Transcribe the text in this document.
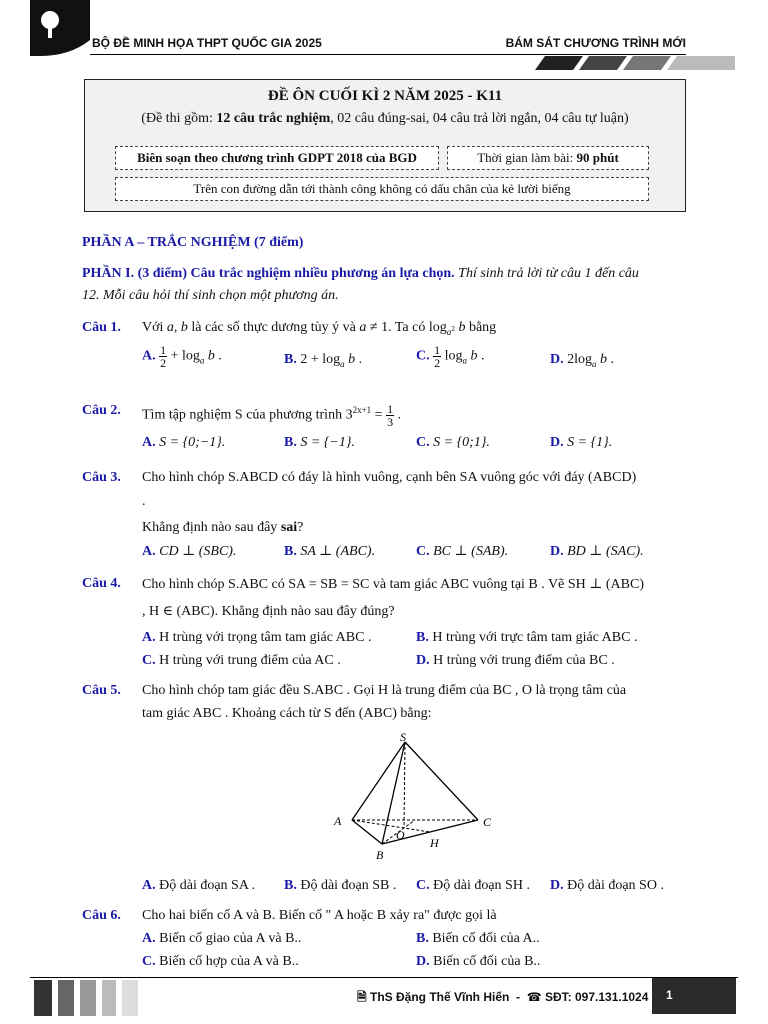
BỘ ĐỀ MINH HỌA THPT QUỐC GIA 2025	BÁM SÁT CHƯƠNG TRÌNH MỚI
ĐỀ ÔN CUỐI KÌ 2 NĂM 2025 - K11
(Đề thi gồm: 12 câu trắc nghiệm, 02 câu đúng-sai, 04 câu trả lời ngắn, 04 câu tự luận)
Biên soạn theo chương trình GDPT 2018 của BGD	Thời gian làm bài: 90 phút
Trên con đường dẫn tới thành công không có dấu chân của kẻ lười biếng
PHẦN A – TRẮC NGHIỆM (7 điểm)
PHẦN I. (3 điểm) Câu trắc nghiệm nhiều phương án lựa chọn. Thí sinh trả lời từ câu 1 đến câu
12. Mỗi câu hỏi thí sinh chọn một phương án.
Câu 1. Với a, b là các số thực dương tùy ý và a ≠ 1. Ta có $\log_{a^2} b$ bằng
A. $\frac{1}{2} + \log_a b$ .	B. $2 + \log_a b$ .	C. $\frac{1}{2} \log_a b$ .	D. $2\log_a$ b .
Câu 2. Tìm tập nghiệm S của phương trình $3^{2x+1} = \frac{1}{3}$ .
A. S = {0;−1}.	B. S = {−1}.	C. S = {0;1}.	D. S = {1}.
Câu 3. Cho hình chóp S.ABCD có đáy là hình vuông, cạnh bên SA vuông góc với đáy (ABCD)
.
Khẳng định nào sau đây sai?
A. CD ⊥ (SBC).	B. SA ⊥ (ABC).	C. BC ⊥ (SAB).	D. BD ⊥ (SAC).
Câu 4. Cho hình chóp S.ABC có SA = SB = SC và tam giác ABC vuông tại B . Vẽ SH ⊥ (ABC)
, H ∈ (ABC). Khẳng định nào sau đây đúng?
A. H trùng với trọng tâm tam giác ABC .	B. H trùng với trực tâm tam giác ABC .
C. H trùng với trung điểm của AC .	D. H trùng với trung điểm của BC .
Câu 5. Cho hình chóp tam giác đều S.ABC . Gọi H là trung điểm của BC , O là trọng tâm của
tam giác ABC . Khoảng cách từ S đến (ABC) bằng:
S
A
B
C
O
H
A. Độ dài đoạn SA . B. Độ dài đoạn SB . C. Độ dài đoạn SH . D. Độ dài đoạn SO .
Câu 6. Cho hai biến cố A và B. Biến cố " A hoặc B xảy ra" được gọi là
A. Biến cố giao của A và B..	B. Biến cố đối của A..
C. Biến cố hợp của A và B..	D. Biến cố đối của B..
🗎 ThS Đặng Thế Vĩnh Hiến  -  ☎ SĐT: 097.131.1024	1
